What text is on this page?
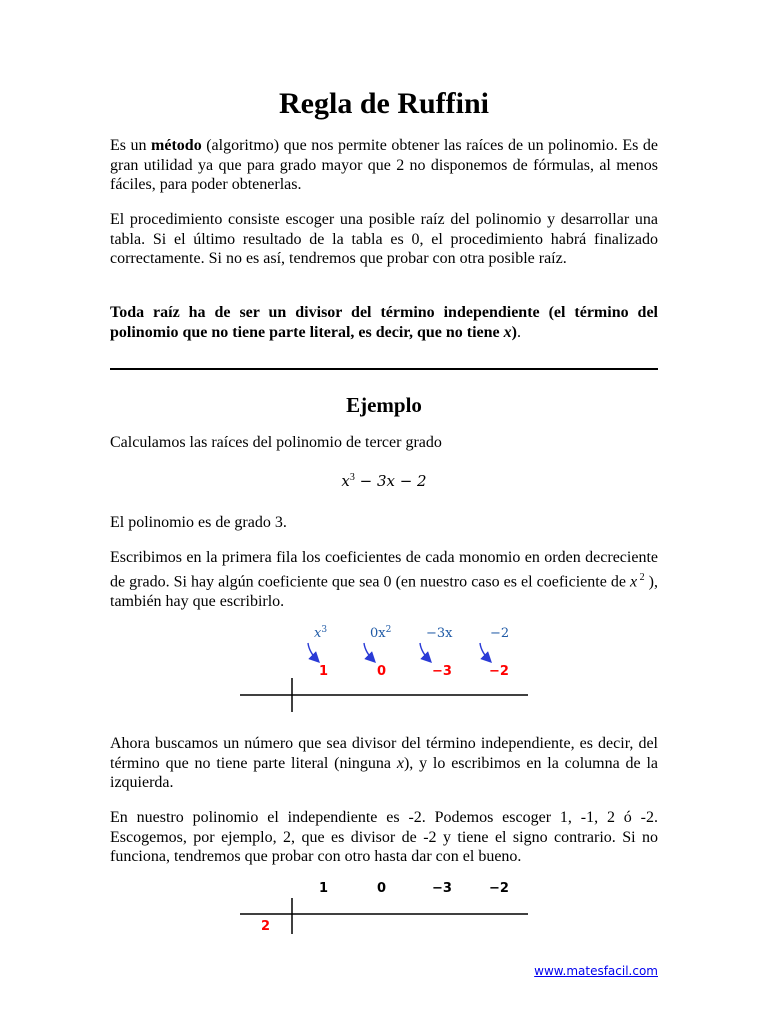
Regla de Ruffini
Es un método (algoritmo) que nos permite obtener las raíces de un polinomio. Es de gran utilidad ya que para grado mayor que 2 no disponemos de fórmulas, al menos fáciles, para poder obtenerlas.
El procedimiento consiste escoger una posible raíz del polinomio y desarrollar una tabla. Si el último resultado de la tabla es 0, el procedimiento habrá finalizado correctamente. Si no es así, tendremos que probar con otra posible raíz.
Toda raíz ha de ser un divisor del término independiente (el término del polinomio que no tiene parte literal, es decir, que no tiene x).
Ejemplo
Calculamos las raíces del polinomio de tercer grado
$x^3 - 3x - 2$
El polinomio es de grado 3.
Escribimos en la primera fila los coeficientes de cada monomio en orden decreciente de grado. Si hay algún coeficiente que sea 0 (en nuestro caso es el coeficiente de x $^2$ ), también hay que escribirlo.
$x^3$	$0x^2$	−3x	−2
1	0	−3	−2
Ahora buscamos un número que sea divisor del término independiente, es decir, del término que no tiene parte literal (ninguna x), y lo escribimos en la columna de la izquierda.
En nuestro polinomio el independiente es -2. Podemos escoger 1, -1, 2 ó -2. Escogemos, por ejemplo, 2, que es divisor de -2 y tiene el signo contrario. Si no funciona, tendremos que probar con otro hasta dar con el bueno.
1	0	−3	−2
2
www.matesfacil.com
